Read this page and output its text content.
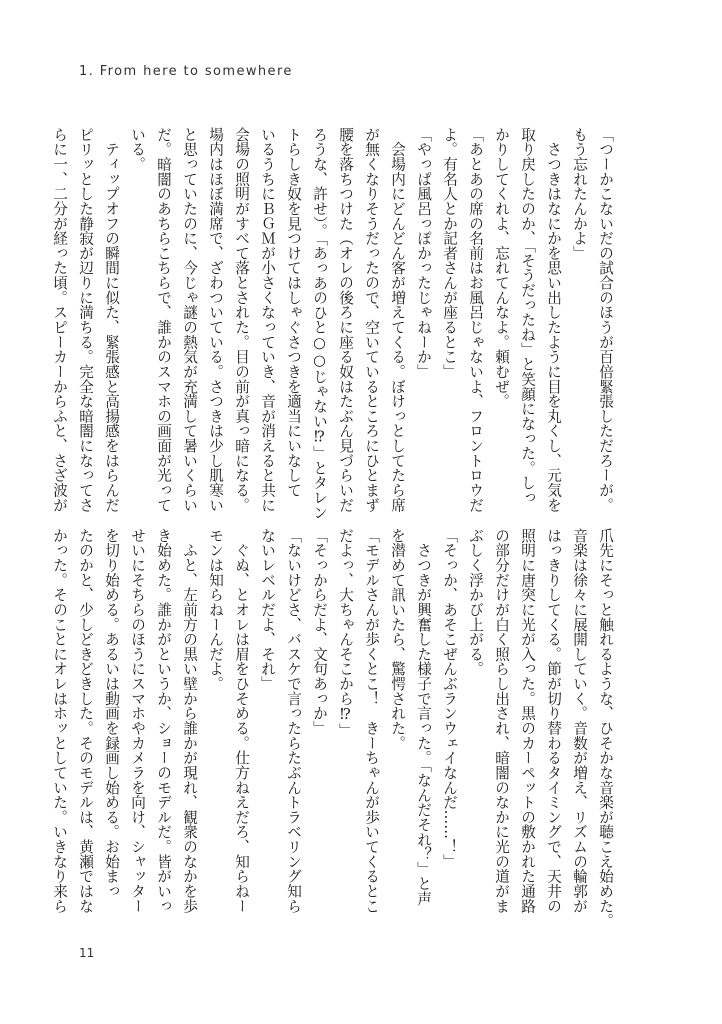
1. From here to somewhere
「つーかこないだの試合のほうが百倍緊張しただろーが。
もう忘れたんかよ」
　さつきはなにかを思い出したように目を丸くし、元気を
取り戻したのか、「そうだったね」と笑顔になった。しっ
かりしてくれよ、忘れてんなよ。頼むぜ。
「あとあの席の名前はお風呂じゃないよ、フロントロウだ
よ。有名人とか記者さんが座るとこ」
「やっぱ風呂っぽかったじゃねーか」
　会場内にどんどん客が増えてくる。ぼけっとしてたら席
が無くなりそうだったので、空いているところにひとまず
腰を落ちつけた（オレの後ろに座る奴はたぶん見づらいだ
ろうな、許せ）。「あっあのひと○○じゃない⁉」とタレン
トらしき奴を見つけてはしゃぐさつきを適当にいなして
いるうちにＢＧＭが小さくなっていき、音が消えると共に
会場の照明がすべて落とされた。目の前が真っ暗になる。
場内はほぼ満席で、ざわついている。さつきは少し肌寒い
と思っていたのに、今じゃ謎の熱気が充満して暑いくらい
だ。暗闇のあちらこちらで、誰かのスマホの画面が光って
いる。
　ティップオフの瞬間に似た、緊張感と高揚感をはらんだ
ピリッとした静寂が辺りに満ちる。完全な暗闇になってさ
らに一、二分が経った頃。スピーカーからふと、さざ波が
爪先にそっと触れるような、ひそかな音楽が聴こえ始めた。
音楽は徐々に展開していく。音数が増え、リズムの輪郭が
はっきりしてくる。節が切り替わるタイミングで、天井の
照明に唐突に光が入った。黒のカーペットの敷かれた通路
の部分だけが白く照らし出され、暗闇のなかに光の道がま
ぶしく浮かび上がる。
「そっか、あそこぜんぶランウェイなんだ……！」
　さつきが興奮した様子で言った。「なんだそれ？」と声
を潜めて訊いたら、驚愕された。
「モデルさんが歩くとこ！　きーちゃんが歩いてくるとこ
だよっ、大ちゃんそこから⁉」
「そっからだよ、文句あっか」
「ないけどさ、バスケで言ったらたぶんトラベリング知ら
ないレベルだよ、それ」
　ぐぬ、とオレは眉をひそめる。仕方ねえだろ、知らねー
モンは知らねーんだよ。
　ふと、左前方の黒い壁から誰かが現れ、観衆のなかを歩
き始めた。誰かがというか、ショーのモデルだ。皆がいっ
せいにそちらのほうにスマホやカメラを向け、シャッター
を切り始める。あるいは動画を録画し始める。お始まっ
たのかと、少しどきどきした。そのモデルは、黄瀬ではな
かった。そのことにオレはホッとしていた。いきなり来ら
11
